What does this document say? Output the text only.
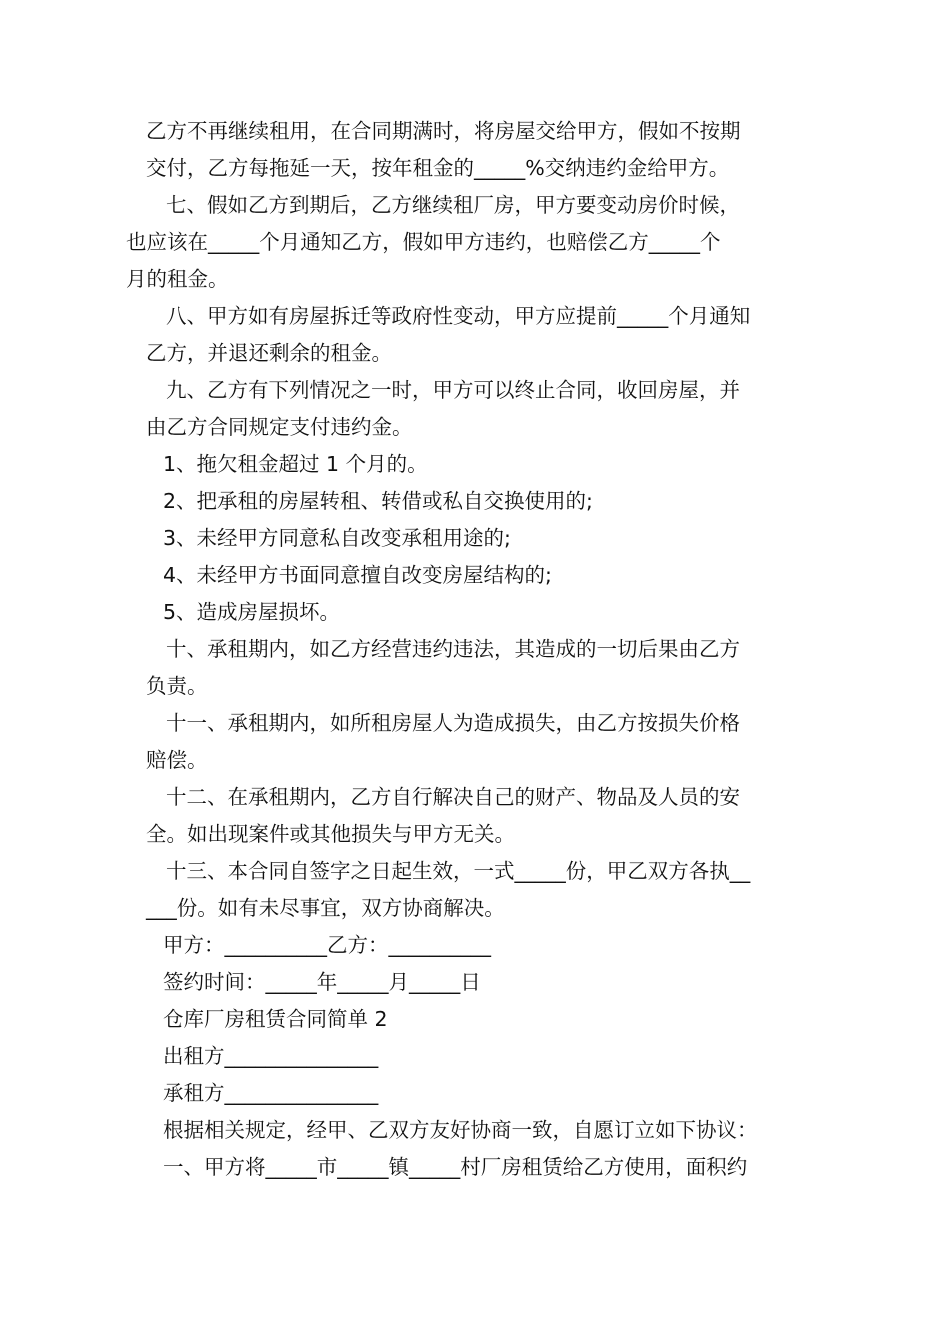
乙方不再继续租用，在合同期满时，将房屋交给甲方，假如不按期
交付，乙方每拖延一天，按年租金的_____%交纳违约金给甲方。

七、假如乙方到期后，乙方继续租厂房，甲方要变动房价时候，
也应该在_____个月通知乙方，假如甲方违约，也赔偿乙方_____个
月的租金。

八、甲方如有房屋拆迁等政府性变动，甲方应提前_____个月通知
乙方，并退还剩余的租金。

九、乙方有下列情况之一时，甲方可以终止合同，收回房屋，并
由乙方合同规定支付违约金。

1、拖欠租金超过 1 个月的。
2、把承租的房屋转租、转借或私自交换使用的;
3、未经甲方同意私自改变承租用途的;
4、未经甲方书面同意擅自改变房屋结构的;
5、造成房屋损坏。

十、承租期内，如乙方经营违约违法，其造成的一切后果由乙方
负责。

十一、承租期内，如所租房屋人为造成损失，由乙方按损失价格
赔偿。

十二、在承租期内，乙方自行解决自己的财产、物品及人员的安
全。如出现案件或其他损失与甲方无关。

十三、本合同自签字之日起生效，一式_____份，甲乙双方各执__
___份。如有未尽事宜，双方协商解决。

甲方：__________乙方：__________
签约时间：_____年_____月_____日
仓库厂房租赁合同简单 2
出租方_______________
承租方_______________
根据相关规定，经甲、乙双方友好协商一致，自愿订立如下协议：
一、甲方将_____市_____镇_____村厂房租赁给乙方使用，面积约
